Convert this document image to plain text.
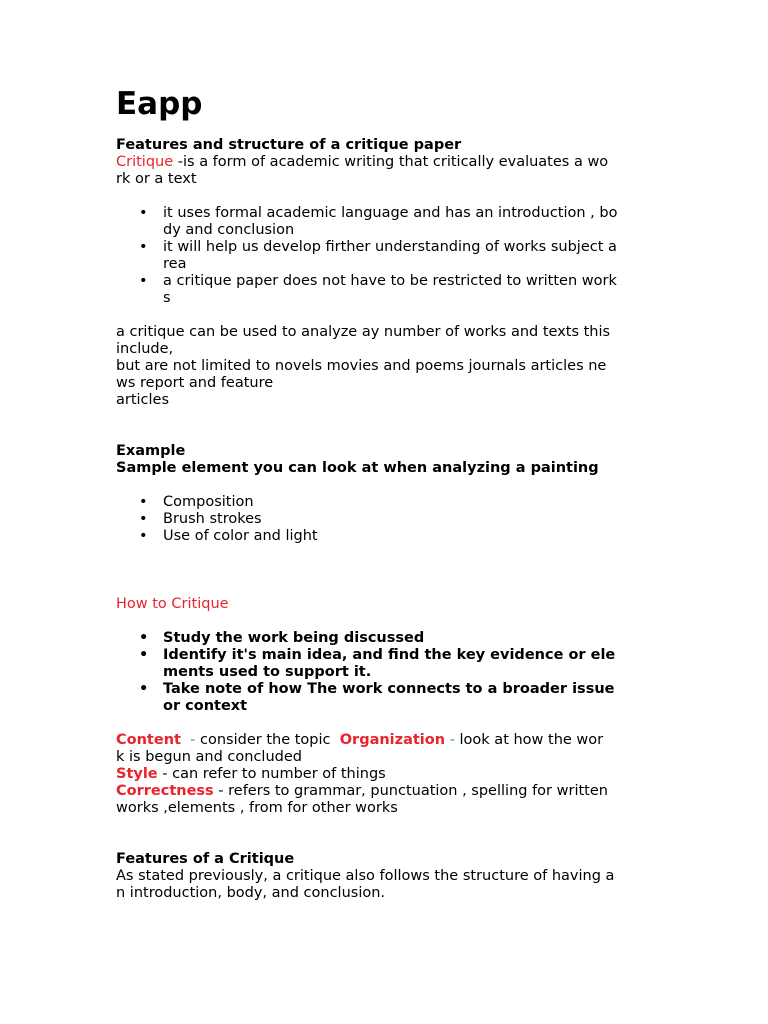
Eapp

Features and structure of a critique paper

Critique -is a form of academic writing that critically evaluates a wo

rk or a text

• it uses formal academic language and has an introduction , bo
dy and conclusion
• it will help us develop firther understanding of works subject a
rea
• a critique paper does not have to be restricted to written work
s

a critique can be used to analyze ay number of works and texts this

include,

but are not limited to novels movies and poems journals articles ne

ws report and feature

articles

Example

Sample element you can look at when analyzing a painting

• Composition
• Brush strokes
• Use of color and light

How to Critique

• Study the work being discussed
• Identify it's main idea, and find the key evidence or ele
ments used to support it.
• Take note of how The work connects to a broader issue
or context

Content - consider the topic  Organization - look at how the wor

k is begun and concluded

Style - can refer to number of things

Correctness - refers to grammar, punctuation , spelling for written

works ,elements , from for other works

Features of a Critique

As stated previously, a critique also follows the structure of having a

n introduction, body, and conclusion.
